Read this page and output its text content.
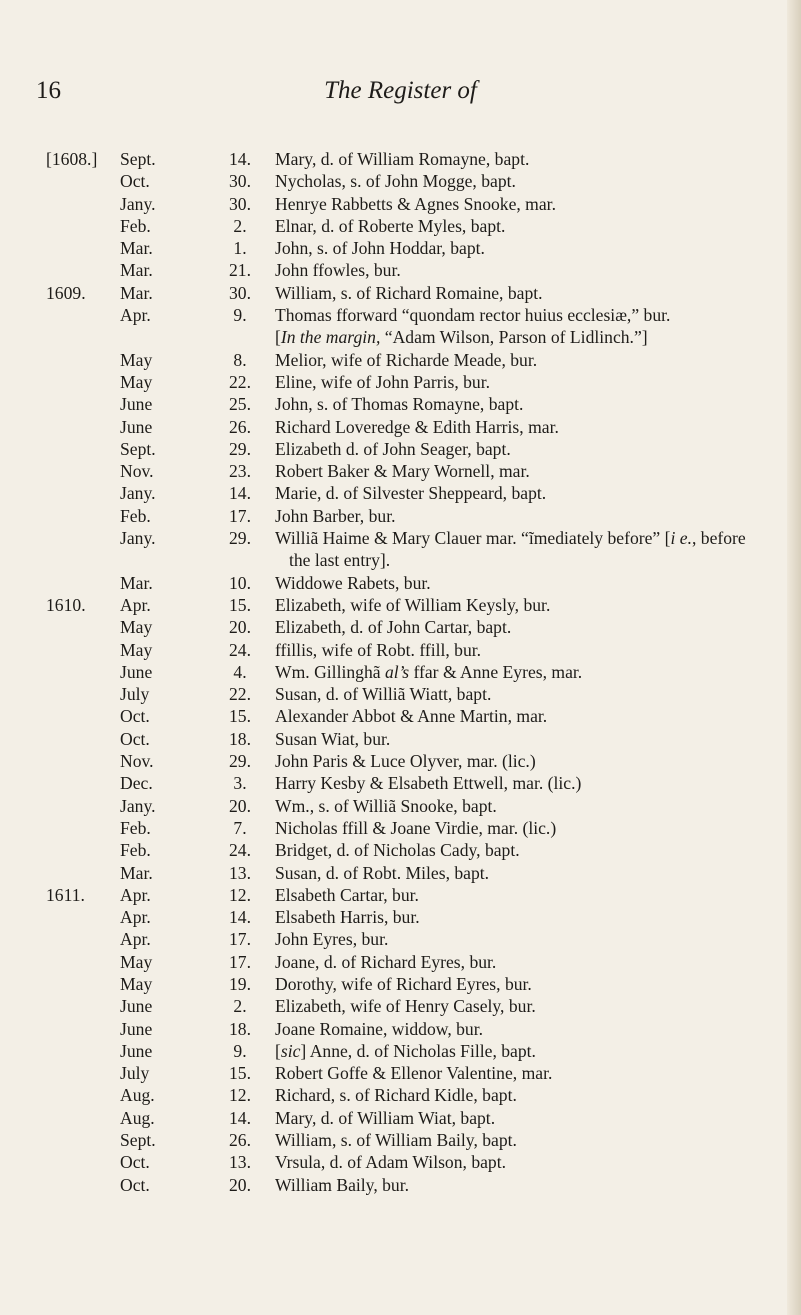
16	The Register of
[1608.] Sept.	14.	Mary, d. of William Romayne, bapt.
Oct.	30.	Nycholas, s. of John Mogge, bapt.
Jany.	30.	Henrye Rabbetts & Agnes Snooke, mar.
Feb.	2.	Elnar, d. of Roberte Myles, bapt.
Mar.	1.	John, s. of John Hoddar, bapt.
Mar.	21.	John ffowles, bur.
1609. Mar.	30.	William, s. of Richard Romaine, bapt.
Apr.	9.	Thomas fforward “quondam rector huius ecclesiæ,” bur.
[In the margin, “Adam Wilson, Parson of Lidlinch.”]
May	8.	Melior, wife of Richarde Meade, bur.
May	22.	Eline, wife of John Parris, bur.
June	25.	John, s. of Thomas Romayne, bapt.
June	26.	Richard Loveredge & Edith Harris, mar.
Sept.	29.	Elizabeth d. of John Seager, bapt.
Nov.	23.	Robert Baker & Mary Wornell, mar.
Jany.	14.	Marie, d. of Silvester Sheppeard, bapt.
Feb.	17.	John Barber, bur.
Jany.	29.	Williã Haime & Mary Clauer mar. “ĩmediately before” [i e., before the last entry].
Mar.	10.	Widdowe Rabets, bur.
1610. Apr.	15.	Elizabeth, wife of William Keysly, bur.
May	20.	Elizabeth, d. of John Cartar, bapt.
May	24.	ffillis, wife of Robt. ffill, bur.
June	4.	Wm. Gillinghã al’s ffar & Anne Eyres, mar.
July	22.	Susan, d. of Williã Wiatt, bapt.
Oct.	15.	Alexander Abbot & Anne Martin, mar.
Oct.	18.	Susan Wiat, bur.
Nov.	29.	John Paris & Luce Olyver, mar. (lic.)
Dec.	3.	Harry Kesby & Elsabeth Ettwell, mar. (lic.)
Jany.	20.	Wm., s. of Williã Snooke, bapt.
Feb.	7.	Nicholas ffill & Joane Virdie, mar. (lic.)
Feb.	24.	Bridget, d. of Nicholas Cady, bapt.
Mar.	13.	Susan, d. of Robt. Miles, bapt.
1611. Apr.	12.	Elsabeth Cartar, bur.
Apr.	14.	Elsabeth Harris, bur.
Apr.	17.	John Eyres, bur.
May	17.	Joane, d. of Richard Eyres, bur.
May	19.	Dorothy, wife of Richard Eyres, bur.
June	2.	Elizabeth, wife of Henry Casely, bur.
June	18.	Joane Romaine, widdow, bur.
June	9.	[sic] Anne, d. of Nicholas Fille, bapt.
July	15.	Robert Goffe & Ellenor Valentine, mar.
Aug.	12.	Richard, s. of Richard Kidle, bapt.
Aug.	14.	Mary, d. of William Wiat, bapt.
Sept.	26.	William, s. of William Baily, bapt.
Oct.	13.	Vrsula, d. of Adam Wilson, bapt.
Oct.	20.	William Baily, bur.
